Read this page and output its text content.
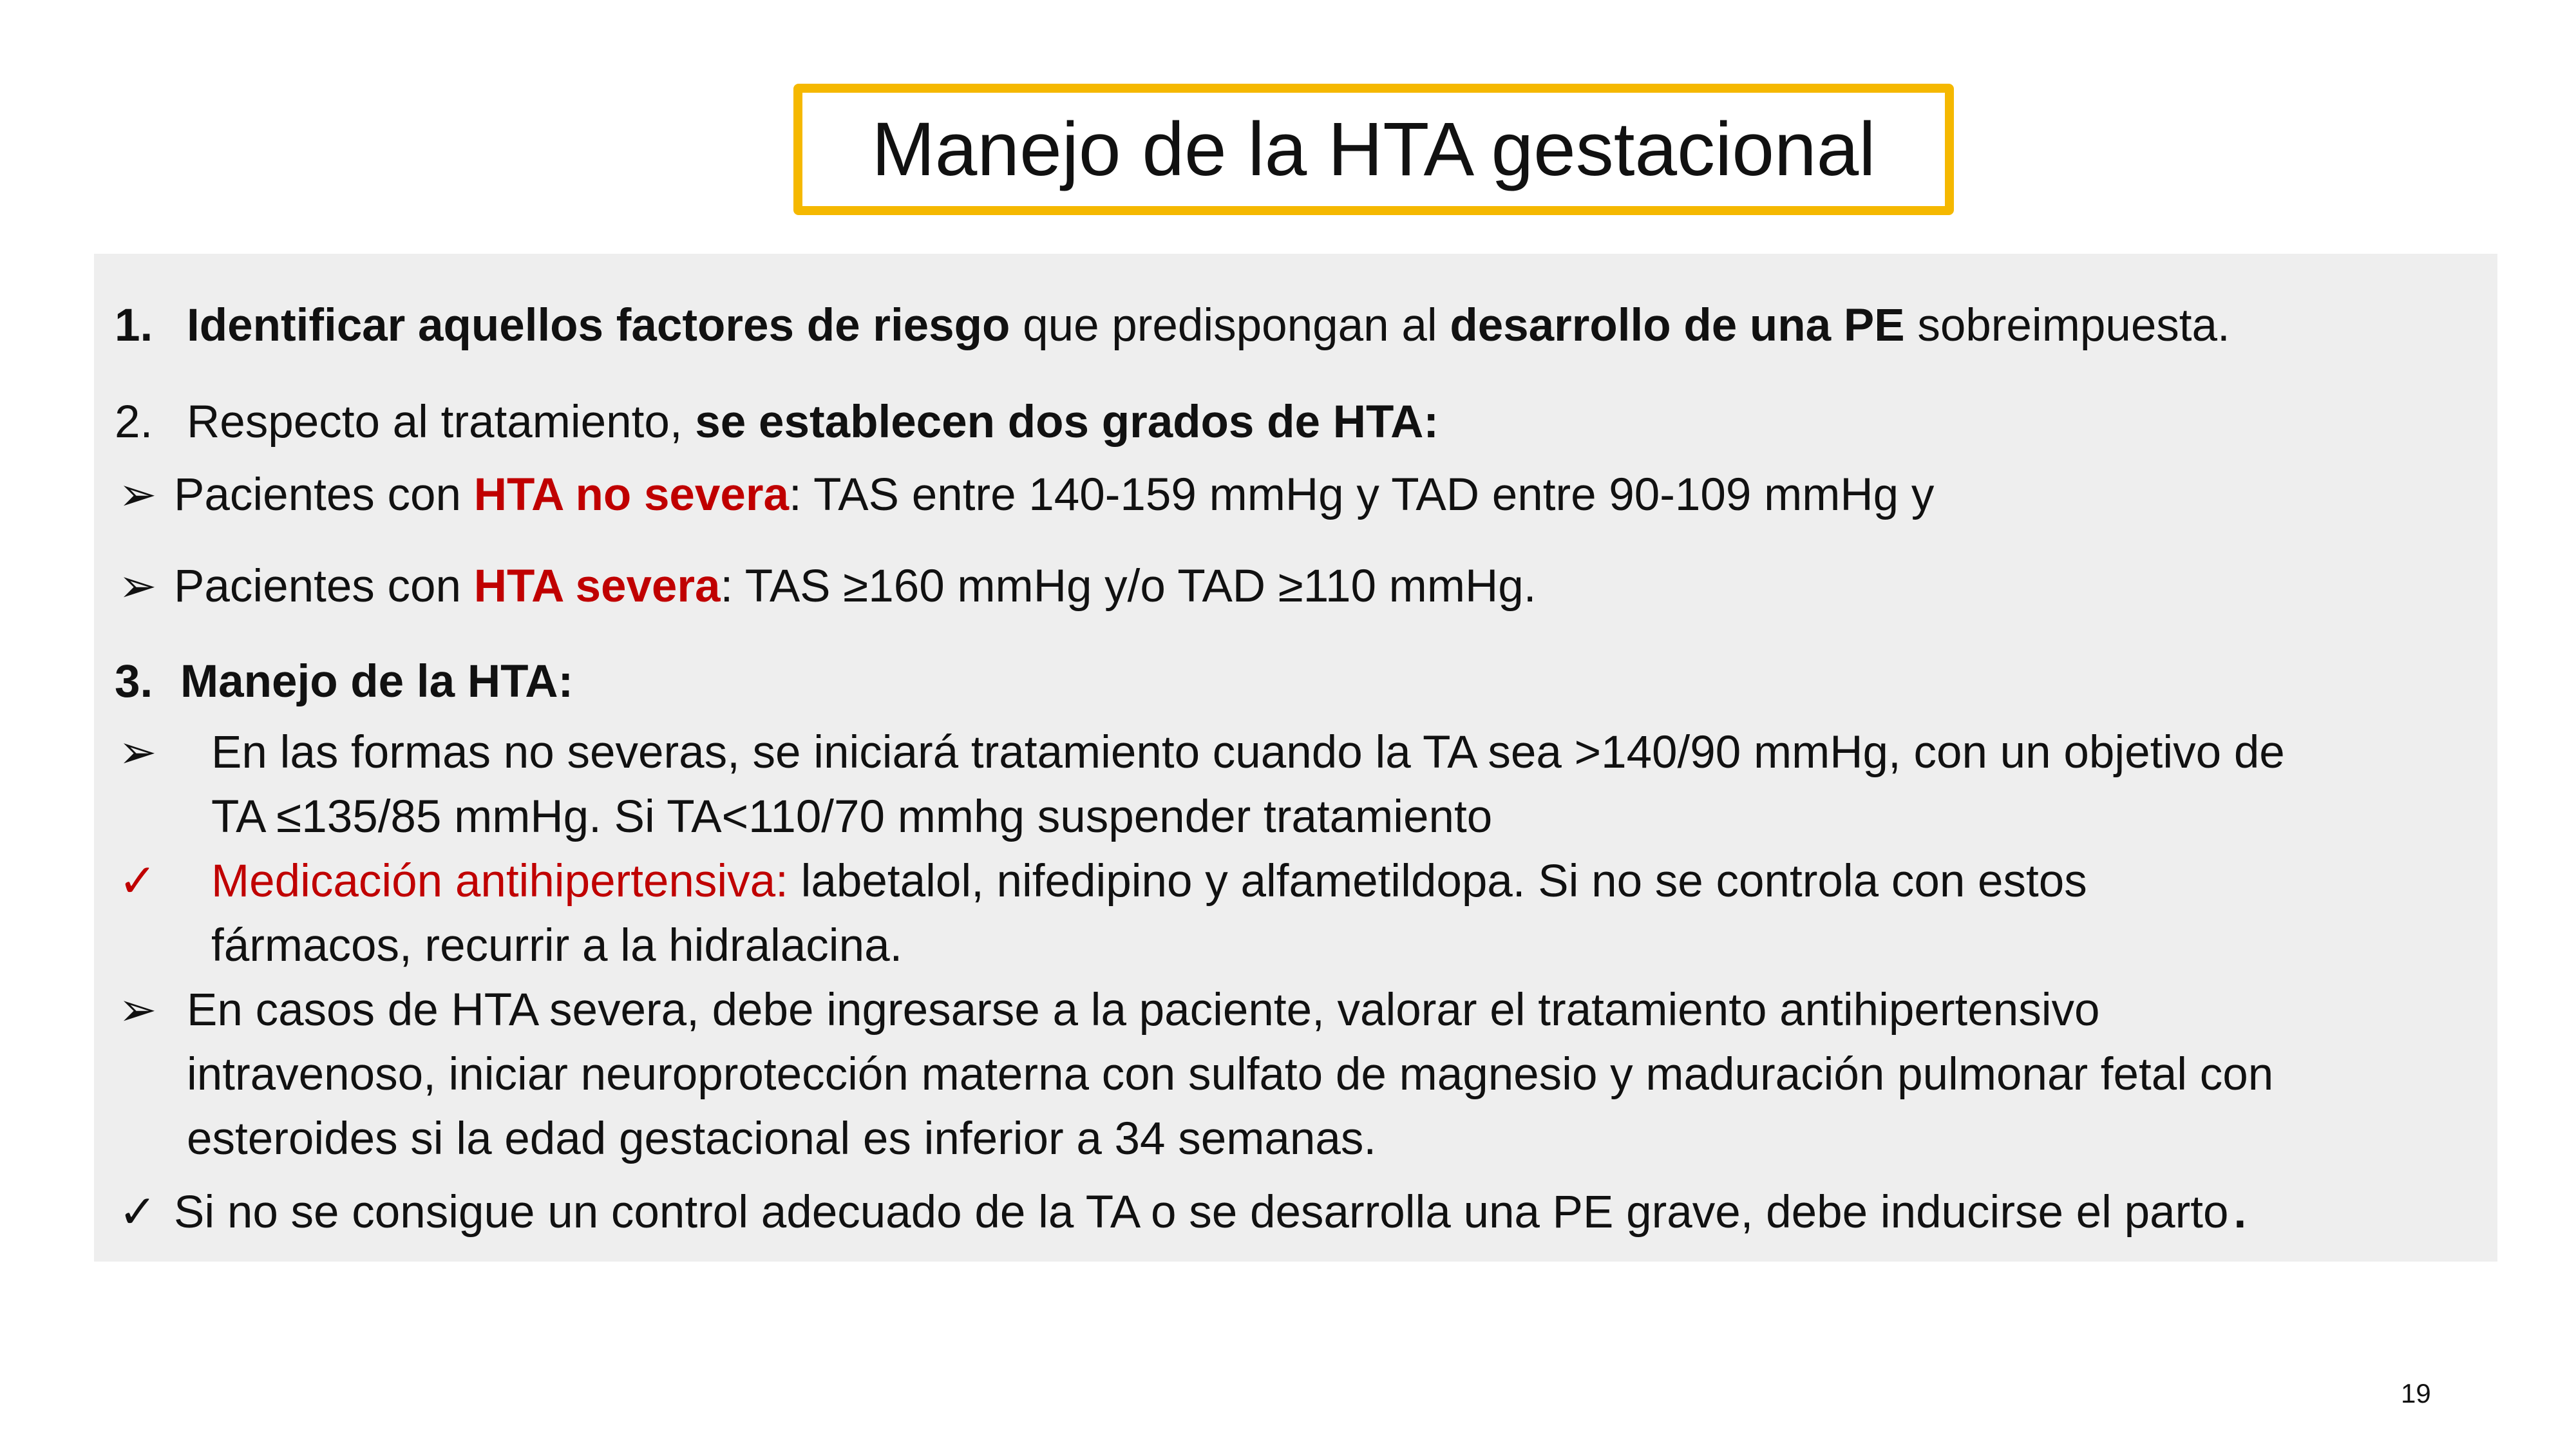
Manejo de la HTA gestacional
1. Identificar aquellos factores de riesgo que predispongan al desarrollo de una PE sobreimpuesta.
2. Respecto al tratamiento, se establecen dos grados de HTA:
➢ Pacientes con HTA no severa: TAS entre 140-159 mmHg y TAD entre 90-109 mmHg y
➢ Pacientes con HTA severa: TAS ≥160 mmHg y/o TAD ≥110 mmHg.
3. Manejo de la HTA:
➢ En las formas no severas, se iniciará tratamiento cuando la TA sea >140/90 mmHg, con un objetivo de
TA ≤135/85 mmHg. Si TA<110/70 mmhg suspender tratamiento
✓ Medicación antihipertensiva: labetalol, nifedipino y alfametildopa. Si no se controla con estos
fármacos, recurrir a la hidralacina.
➢ En casos de HTA severa, debe ingresarse a la paciente, valorar el tratamiento antihipertensivo
intravenoso, iniciar neuroprotección materna con sulfato de magnesio y maduración pulmonar fetal con
esteroides si la edad gestacional es inferior a 34 semanas.
✓ Si no se consigue un control adecuado de la TA o se desarrolla una PE grave, debe inducirse el parto .
19
